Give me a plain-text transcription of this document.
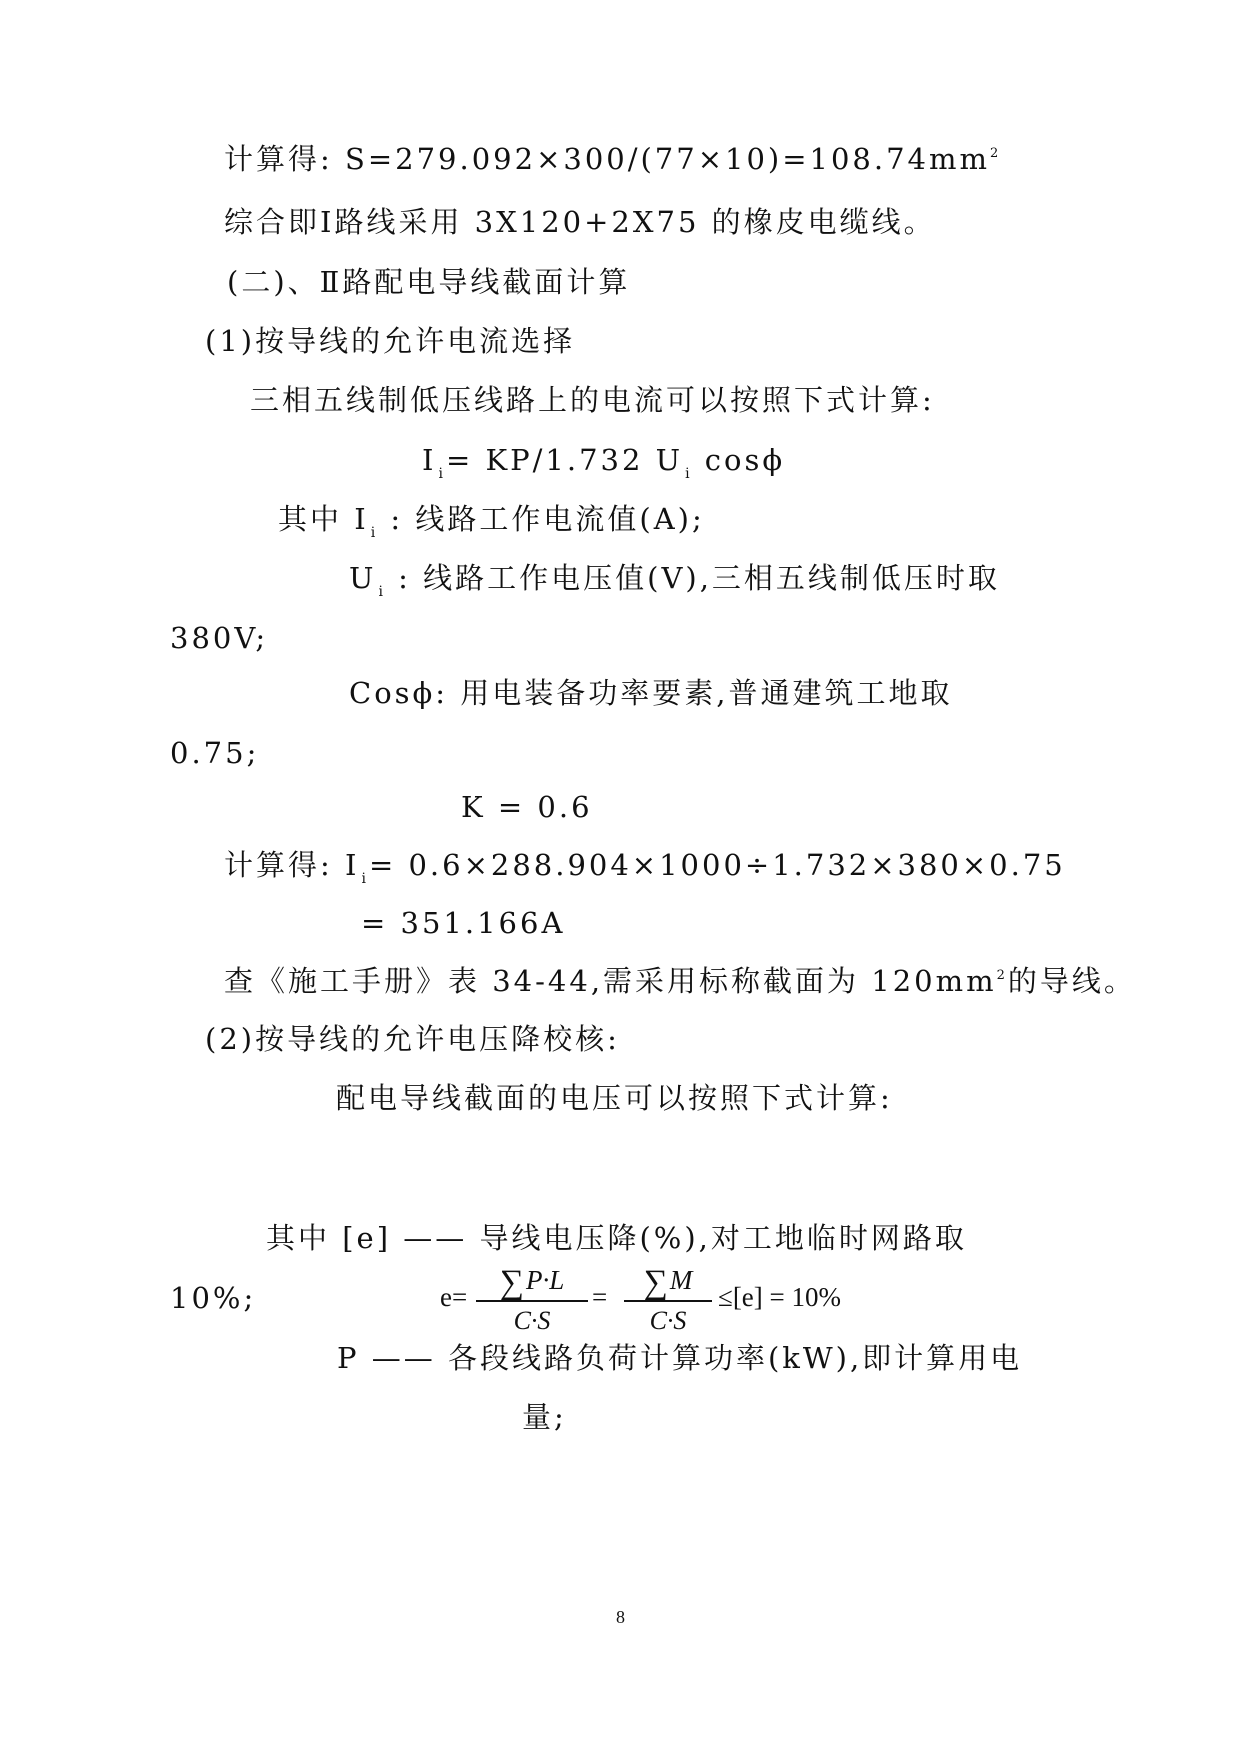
计算得: $S=279.092\times 300/(77\times 10)=108.74mm^2$
综合即Ⅰ路线采用 3X120+2X75 的橡皮电缆线。
(二)、Ⅱ路配电导线截面计算
(1)按导线的允许电流选择
三相五线制低压线路上的电流可以按照下式计算:
I $_i$= KP/1.732 U $_i$ cosϕ
其中 I $_i$ : 线路工作电流值(A);
U $_i$ : 线路工作电压值(V),三相五线制低压时取
380V;
Cosϕ: 用电装备功率要素,普通建筑工地取
0.75;
K = 0.6
计算得: I $_i$= 0.6×288.904×1000÷1.732×380×0.75
= 351.166A
查《施工手册》表 34-44,需采用标称截面为 $120mm^2$的导线。
(2)按导线的允许电压降校核:
配电导线截面的电压可以按照下式计算:
e= ∑P·L
C·S
=	∑M
C·S
≤[e] = 10%
其中 [e] —— 导线电压降(%),对工地临时网路取
10%;
P —— 各段线路负荷计算功率(kW),即计算用电
量;
8
